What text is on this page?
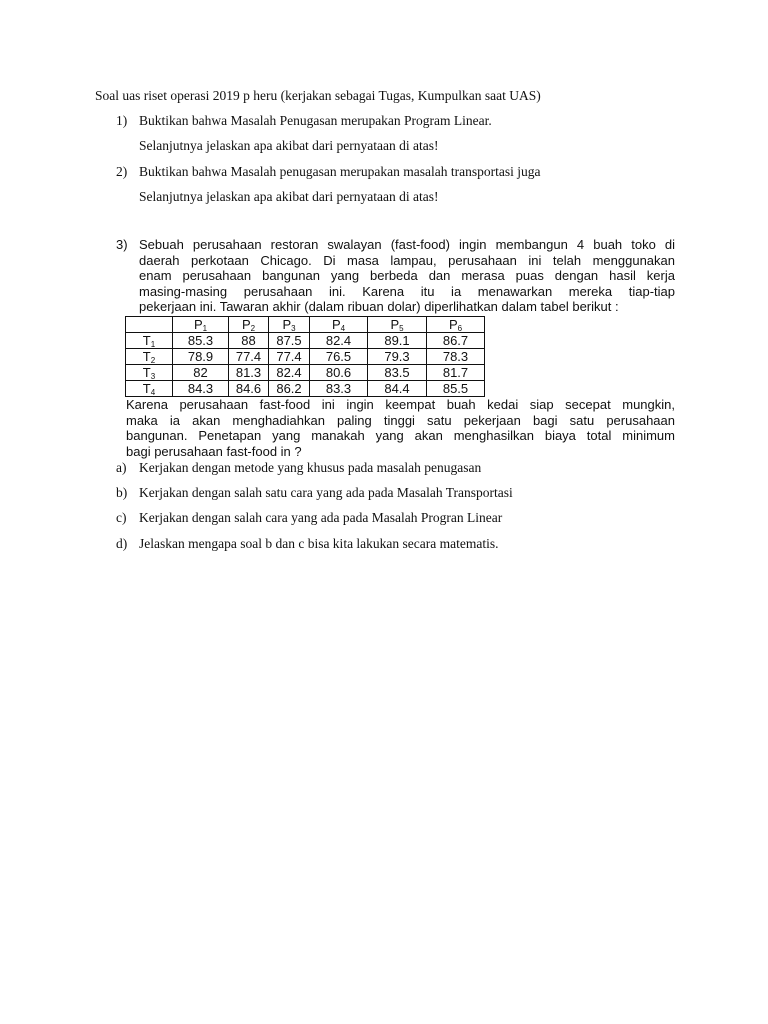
Soal uas riset operasi 2019 p heru (kerjakan sebagai Tugas, Kumpulkan saat UAS)
1) Buktikan bahwa Masalah Penugasan merupakan Program Linear.
Selanjutnya jelaskan apa akibat dari pernyataan di atas!
2) Buktikan bahwa Masalah penugasan merupakan masalah transportasi juga
Selanjutnya jelaskan apa akibat dari pernyataan di atas!
3) Sebuah perusahaan restoran swalayan (fast-food) ingin membangun 4 buah toko di
daerah perkotaan Chicago. Di masa lampau, perusahaan ini telah menggunakan
enam perusahaan bangunan yang berbeda dan merasa puas dengan hasil kerja
masing-masing perusahaan ini. Karena itu ia menawarkan mereka tiap-tiap
pekerjaan ini. Tawaran akhir (dalam ribuan dolar) diperlihatkan dalam tabel berikut :
	$P_1$	$P_2$	$P_3$	$P_4$	$P_5$	$P_6$
$T_1$	85.3	88	87.5	82.4	89.1	86.7
$T_2$	78.9	77.4	77.4	76.5	79.3	78.3
$T_3$	82	81.3	82.4	80.6	83.5	81.7
$T_4$	84.3	84.6	86.2	83.3	84.4	85.5
Karena perusahaan fast-food ini ingin keempat buah kedai siap secepat mungkin,
maka ia akan menghadiahkan paling tinggi satu pekerjaan bagi satu perusahaan
bangunan. Penetapan yang manakah yang akan menghasilkan biaya total minimum
bagi perusahaan fast-food in ?
a) Kerjakan dengan metode yang khusus pada masalah penugasan
b) Kerjakan dengan salah satu cara yang ada pada Masalah Transportasi
c) Kerjakan dengan salah cara yang ada pada Masalah Progran Linear
d) Jelaskan mengapa soal b dan c bisa kita lakukan secara matematis.
